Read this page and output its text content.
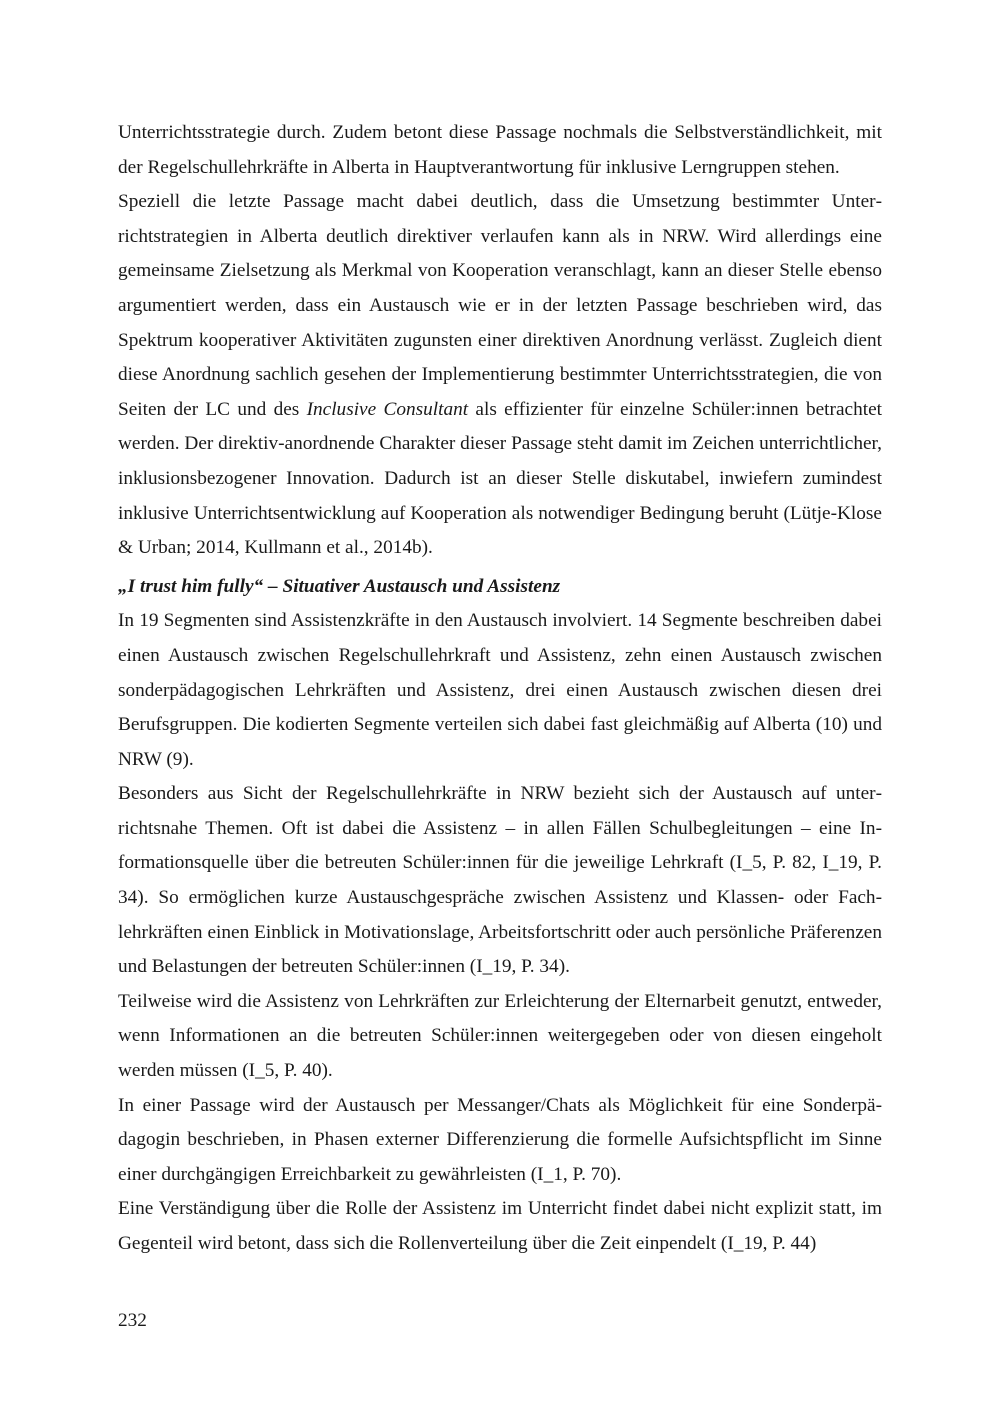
Unterrichtsstrategie durch. Zudem betont diese Passage nochmals die Selbstverständlichkeit, mit der Regelschullehrkräfte in Alberta in Hauptverantwortung für inklusive Lerngruppen stehen.

Speziell die letzte Passage macht dabei deutlich, dass die Umsetzung bestimmter Unterrichtstrategien in Alberta deutlich direktiver verlaufen kann als in NRW. Wird allerdings eine gemeinsame Zielsetzung als Merkmal von Kooperation veranschlagt, kann an dieser Stelle ebenso argumentiert werden, dass ein Austausch wie er in der letzten Passage beschrieben wird, das Spektrum kooperativer Aktivitäten zugunsten einer direktiven Anordnung verlässt. Zugleich dient diese Anordnung sachlich gesehen der Implementierung bestimmter Unterrichtsstrategien, die von Seiten der LC und des Inclusive Consultant als effizienter für einzelne Schüler:innen betrachtet werden. Der direktiv-anordnende Charakter dieser Passage steht damit im Zeichen unterrichtlicher, inklusionsbezogener Innovation. Dadurch ist an dieser Stelle diskutabel, inwiefern zumindest inklusive Unterrichtsentwicklung auf Kooperation als notwendiger Bedingung beruht (Lütje-Klose & Urban; 2014, Kullmann et al., 2014b).

„I trust him fully“ – Situativer Austausch und Assistenz

In 19 Segmenten sind Assistenzkräfte in den Austausch involviert. 14 Segmente beschreiben dabei einen Austausch zwischen Regelschullehrkraft und Assistenz, zehn einen Austausch zwischen sonderpädagogischen Lehrkräften und Assistenz, drei einen Austausch zwischen diesen drei Berufsgruppen. Die kodierten Segmente verteilen sich dabei fast gleichmäßig auf Alberta (10) und NRW (9).

Besonders aus Sicht der Regelschullehrkräfte in NRW bezieht sich der Austausch auf unterrichtsnahe Themen. Oft ist dabei die Assistenz – in allen Fällen Schulbegleitungen – eine Informationsquelle über die betreuten Schüler:innen für die jeweilige Lehrkraft (I_5, P. 82, I_19, P. 34). So ermöglichen kurze Austauschgespräche zwischen Assistenz und Klassen- oder Fachlehrkräften einen Einblick in Motivationslage, Arbeitsfortschritt oder auch persönliche Präferenzen und Belastungen der betreuten Schüler:innen (I_19, P. 34).

Teilweise wird die Assistenz von Lehrkräften zur Erleichterung der Elternarbeit genutzt, entweder, wenn Informationen an die betreuten Schüler:innen weitergegeben oder von diesen eingeholt werden müssen (I_5, P. 40).

In einer Passage wird der Austausch per Messanger/Chats als Möglichkeit für eine Sonderpädagogin beschrieben, in Phasen externer Differenzierung die formelle Aufsichtspflicht im Sinne einer durchgängigen Erreichbarkeit zu gewährleisten (I_1, P. 70).

Eine Verständigung über die Rolle der Assistenz im Unterricht findet dabei nicht explizit statt, im Gegenteil wird betont, dass sich die Rollenverteilung über die Zeit einpendelt (I_19, P. 44)

232
